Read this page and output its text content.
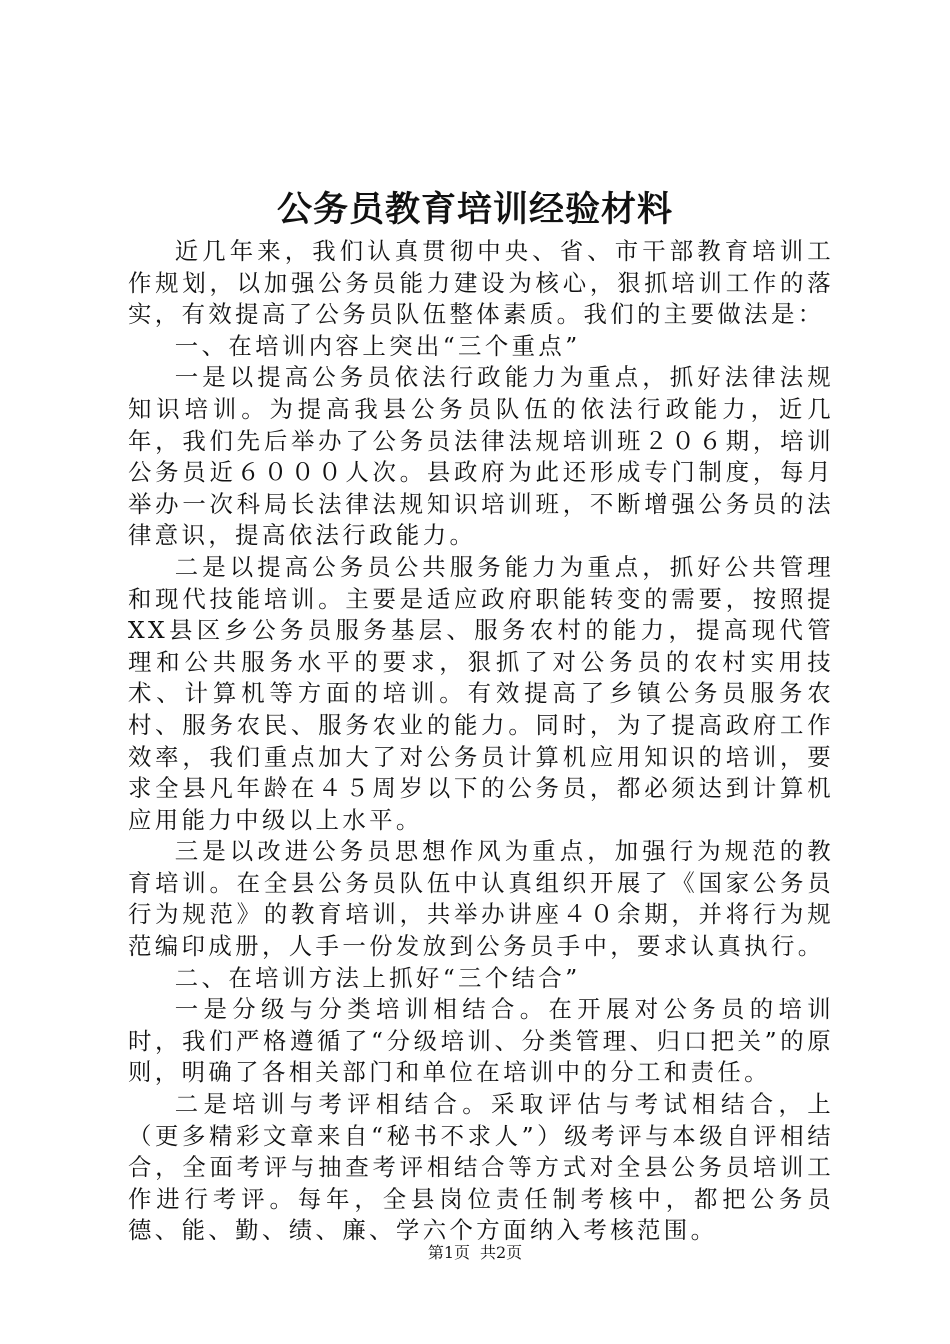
公务员教育培训经验材料

近几年来，我们认真贯彻中央、省、市干部教育培训工作规划，以加强公务员能力建设为核心，狠抓培训工作的落实，有效提高了公务员队伍整体素质。我们的主要做法是：

一、在培训内容上突出“三个重点”

一是以提高公务员依法行政能力为重点，抓好法律法规知识培训。为提高我县公务员队伍的依法行政能力，近几年，我们先后举办了公务员法律法规培训班２０６期，培训公务员近６０００人次。县政府为此还形成专门制度，每月举办一次科局长法律法规知识培训班，不断增强公务员的法律意识，提高依法行政能力。

二是以提高公务员公共服务能力为重点，抓好公共管理和现代技能培训。主要是适应政府职能转变的需要，按照提XX县区乡公务员服务基层、服务农村的能力，提高现代管理和公共服务水平的要求，狠抓了对公务员的农村实用技术、计算机等方面的培训。有效提高了乡镇公务员服务农村、服务农民、服务农业的能力。同时，为了提高政府工作效率，我们重点加大了对公务员计算机应用知识的培训，要求全县凡年龄在４５周岁以下的公务员，都必须达到计算机应用能力中级以上水平。

三是以改进公务员思想作风为重点，加强行为规范的教育培训。在全县公务员队伍中认真组织开展了《国家公务员行为规范》的教育培训，共举办讲座４０余期，并将行为规范编印成册，人手一份发放到公务员手中，要求认真执行。

二、在培训方法上抓好“三个结合”

一是分级与分类培训相结合。在开展对公务员的培训时，我们严格遵循了“分级培训、分类管理、归口把关”的原则，明确了各相关部门和单位在培训中的分工和责任。

二是培训与考评相结合。采取评估与考试相结合，上（更多精彩文章来自“秘书不求人”）级考评与本级自评相结合，全面考评与抽查考评相结合等方式对全县公务员培训工作进行考评。每年，全县岗位责任制考核中，都把公务员德、能、勤、绩、廉、学六个方面纳入考核范围。

第1页 共2页
